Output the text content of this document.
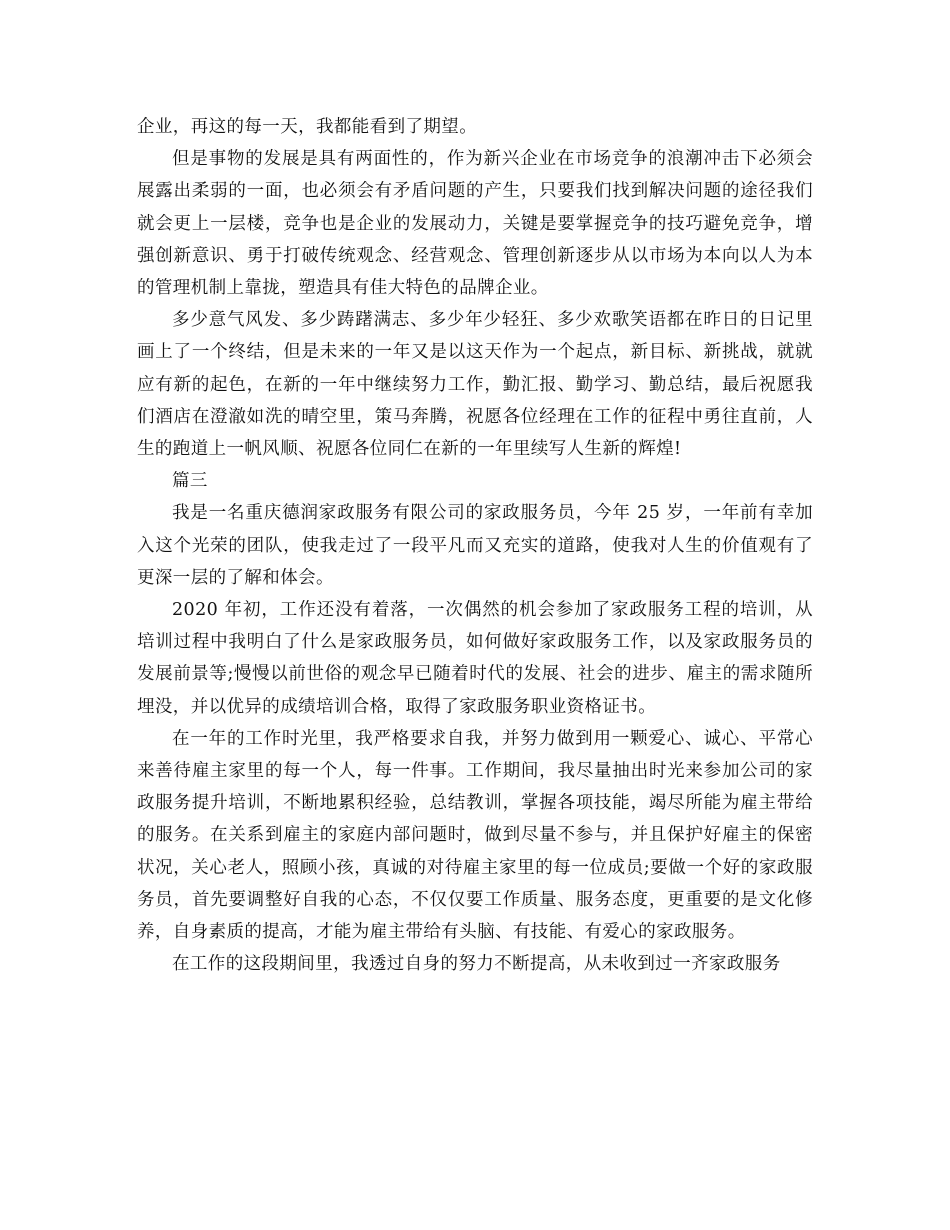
企业，再这的每一天，我都能看到了期望。

但是事物的发展是具有两面性的，作为新兴企业在市场竞争的浪潮冲击下必须会展露出柔弱的一面，也必须会有矛盾问题的产生，只要我们找到解决问题的途径我们就会更上一层楼，竞争也是企业的发展动力，关键是要掌握竞争的技巧避免竞争，增强创新意识、勇于打破传统观念、经营观念、管理创新逐步从以市场为本向以人为本的管理机制上靠拢，塑造具有佳大特色的品牌企业。

多少意气风发、多少踌躇满志、多少年少轻狂、多少欢歌笑语都在昨日的日记里画上了一个终结，但是未来的一年又是以这天作为一个起点，新目标、新挑战，就就应有新的起色，在新的一年中继续努力工作，勤汇报、勤学习、勤总结，最后祝愿我们酒店在澄澈如洗的晴空里，策马奔腾，祝愿各位经理在工作的征程中勇往直前，人生的跑道上一帆风顺、祝愿各位同仁在新的一年里续写人生新的辉煌!

篇三

我是一名重庆德润家政服务有限公司的家政服务员，今年 25 岁，一年前有幸加入这个光荣的团队，使我走过了一段平凡而又充实的道路，使我对人生的价值观有了更深一层的了解和体会。

2020 年初，工作还没有着落，一次偶然的机会参加了家政服务工程的培训，从培训过程中我明白了什么是家政服务员，如何做好家政服务工作，以及家政服务员的发展前景等;慢慢以前世俗的观念早已随着时代的发展、社会的进步、雇主的需求随所埋没，并以优异的成绩培训合格，取得了家政服务职业资格证书。

在一年的工作时光里，我严格要求自我，并努力做到用一颗爱心、诚心、平常心来善待雇主家里的每一个人，每一件事。工作期间，我尽量抽出时光来参加公司的家政服务提升培训，不断地累积经验，总结教训，掌握各项技能，竭尽所能为雇主带给的服务。在关系到雇主的家庭内部问题时，做到尽量不参与，并且保护好雇主的保密状况，关心老人，照顾小孩，真诚的对待雇主家里的每一位成员;要做一个好的家政服务员，首先要调整好自我的心态，不仅仅要工作质量、服务态度，更重要的是文化修养，自身素质的提高，才能为雇主带给有头脑、有技能、有爱心的家政服务。

在工作的这段期间里，我透过自身的努力不断提高，从未收到过一齐家政服务
